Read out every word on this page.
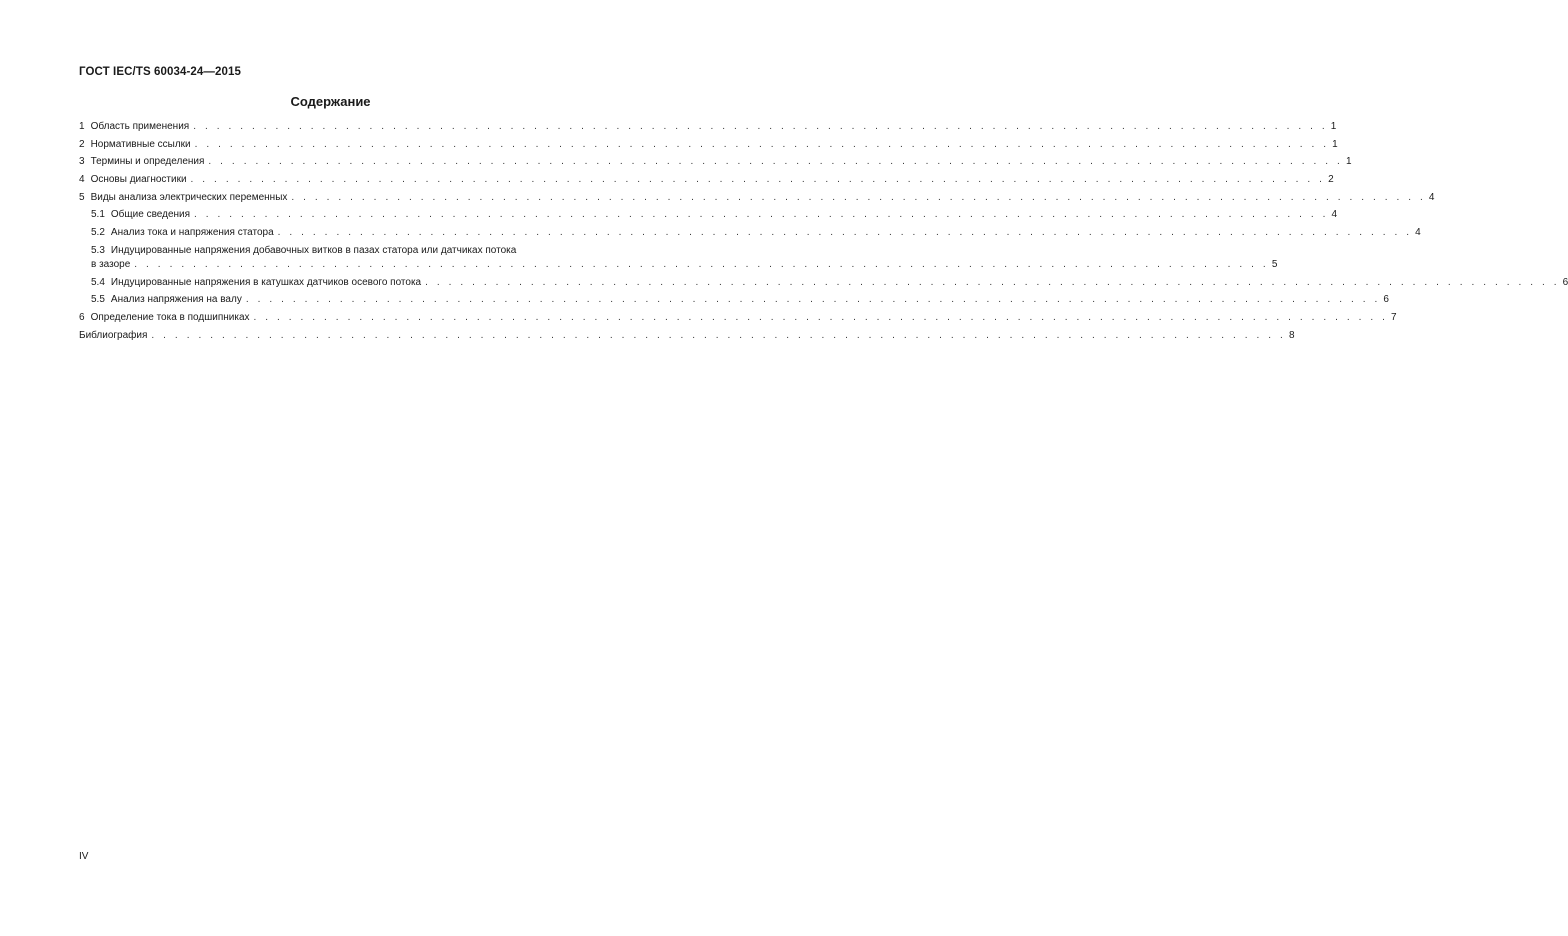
ГОСТ IEC/TS 60034-24—2015
Содержание
1 Область применения . . . . . . . . . . . . . . . . . . . . . . . . . . . . . . . . . . . . . . . . . . . . . . . . . . . . . . . . . . . . . . . . . . . . . . . . . . . . . . . . . . . . . . . . . . . . . . . . . 1
2 Нормативные ссылки . . . . . . . . . . . . . . . . . . . . . . . . . . . . . . . . . . . . . . . . . . . . . . . . . . . . . . . . . . . . . . . . . . . . . . . . . . . . . . . . . . . . . . . . . . . . . . . . . 1
3 Термины и определения . . . . . . . . . . . . . . . . . . . . . . . . . . . . . . . . . . . . . . . . . . . . . . . . . . . . . . . . . . . . . . . . . . . . . . . . . . . . . . . . . . . . . . . . . . . . . . . . . 1
4 Основы диагностики . . . . . . . . . . . . . . . . . . . . . . . . . . . . . . . . . . . . . . . . . . . . . . . . . . . . . . . . . . . . . . . . . . . . . . . . . . . . . . . . . . . . . . . . . . . . . . . . . 2
5 Виды анализа электрических переменных . . . . . . . . . . . . . . . . . . . . . . . . . . . . . . . . . . . . . . . . . . . . . . . . . . . . . . . . . . . . . . . . . . . . . . . . . . . . . . . . . . . . . . . . . . . . . . . . . 4
5.1 Общие сведения . . . . . . . . . . . . . . . . . . . . . . . . . . . . . . . . . . . . . . . . . . . . . . . . . . . . . . . . . . . . . . . . . . . . . . . . . . . . . . . . . . . . . . . . . . . . . . . . . 4
5.2 Анализ тока и напряжения статора . . . . . . . . . . . . . . . . . . . . . . . . . . . . . . . . . . . . . . . . . . . . . . . . . . . . . . . . . . . . . . . . . . . . . . . . . . . . . . . . . . . . . . . . . . . . . . . . . 4
5.3 Индуцированные напряжения добавочных витков в пазах статора или датчиках потока
в зазоре . . . . . . . . . . . . . . . . . . . . . . . . . . . . . . . . . . . . . . . . . . . . . . . . . . . . . . . . . . . . . . . . . . . . . . . . . . . . . . . . . . . . . . . . . . . . . . . . . 5
5.4 Индуцированные напряжения в катушках датчиков осевого потока . . . . . . . . . . . . . . . . . . . . . . . . . . . . . . . . . . . . . . . . . . . . . . . . . . . . . . . . . . . . . . . . . . . . . . . . . . . . . . . . . . . . . . . . . . . . . . . . . 6
5.5 Анализ напряжения на валу . . . . . . . . . . . . . . . . . . . . . . . . . . . . . . . . . . . . . . . . . . . . . . . . . . . . . . . . . . . . . . . . . . . . . . . . . . . . . . . . . . . . . . . . . . . . . . . . . 6
6 Определение тока в подшипниках . . . . . . . . . . . . . . . . . . . . . . . . . . . . . . . . . . . . . . . . . . . . . . . . . . . . . . . . . . . . . . . . . . . . . . . . . . . . . . . . . . . . . . . . . . . . . . . . . 7
Библиография . . . . . . . . . . . . . . . . . . . . . . . . . . . . . . . . . . . . . . . . . . . . . . . . . . . . . . . . . . . . . . . . . . . . . . . . . . . . . . . . . . . . . . . . . . . . . . . . . 8
IV
